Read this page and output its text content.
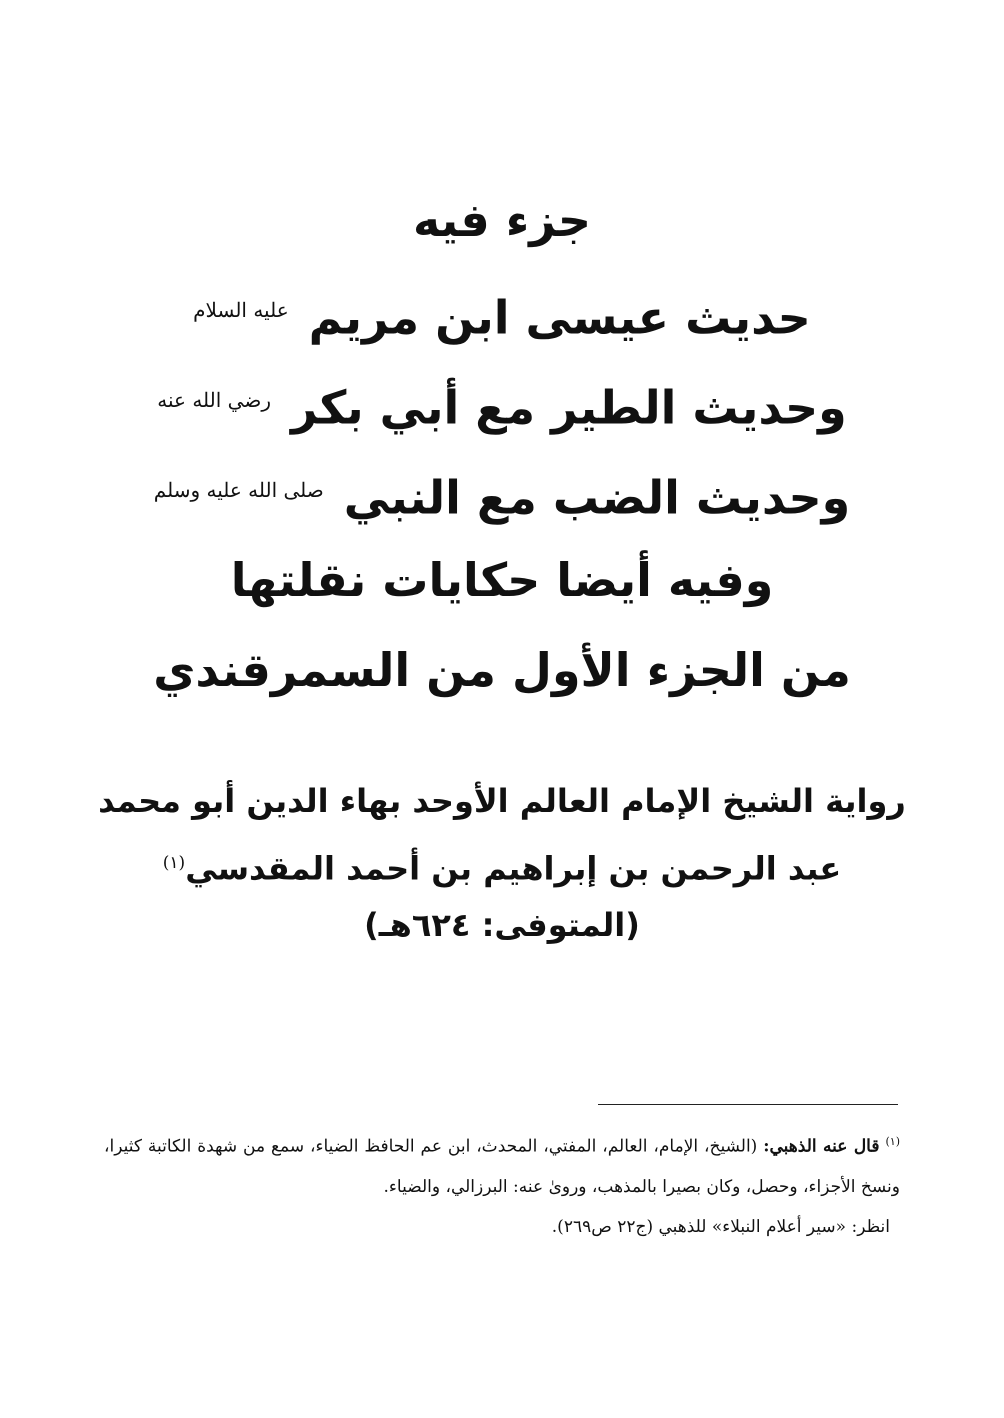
جزء فيه
حديث عيسى ابن مريم $^{عليه السلام}$
وحديث الطير مع أبي بكر $^{رضي الله عنه}$
وحديث الضب مع النبي $^{صلى الله عليه وسلم}$
وفيه أيضا حكايات نقلتها
من الجزء الأول من السمرقندي
رواية الشيخ الإمام العالم الأوحد بهاء الدين أبو محمد
عبد الرحمن بن إبراهيم بن أحمد المقدسي$^{(١)}$
(المتوفى: ٦٢٤هـ)

$^{(١)}$قال عنه الذهبي: (الشيخ، الإمام، العالم، المفتي، المحدث، ابن عم الحافظ الضياء، سمع من شهدة الكاتبة كثيرا، ونسخ الأجزاء، وحصل، وكان بصيرا بالمذهب، وروىٰ عنه: البرزالي، والضياء.

انظر: «سير أعلام النبلاء» للذهبي (ج٢٢ ص٢٦٩).
